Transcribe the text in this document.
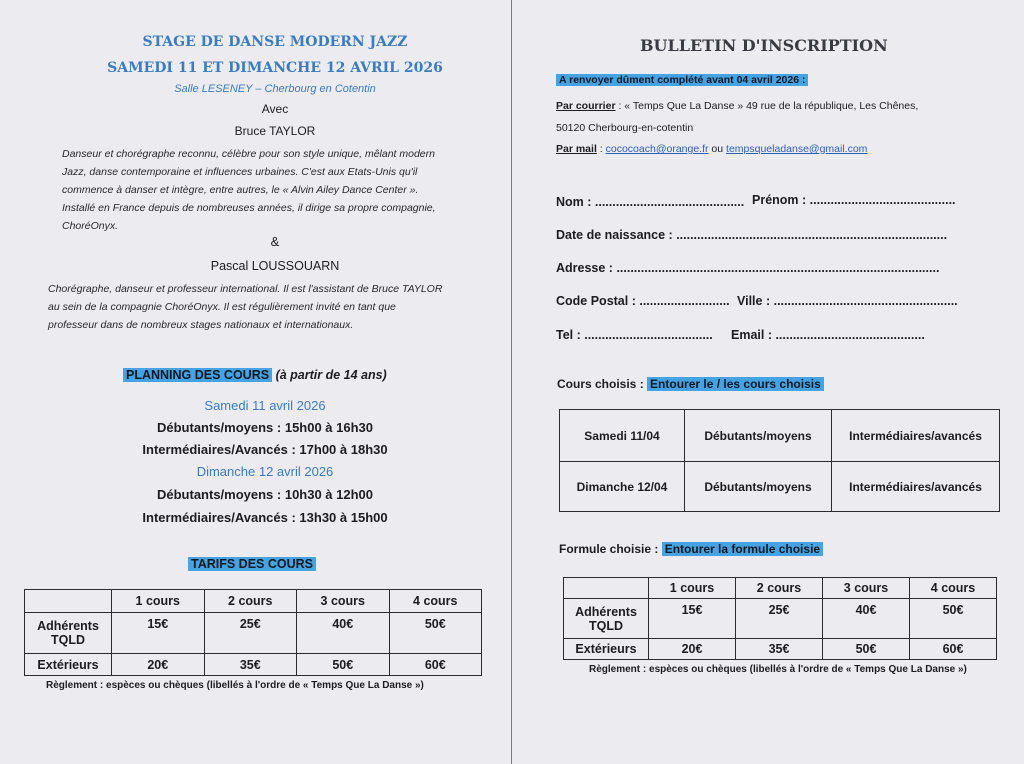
STAGE DE DANSE MODERN JAZZ
SAMEDI 11 ET DIMANCHE 12 AVRIL 2026
Salle LESENEY – Cherbourg en Cotentin
Avec
Bruce TAYLOR
Danseur et chorégraphe reconnu, célèbre pour son style unique, mêlant modern
Jazz, danse contemporaine et influences urbaines. C'est aux Etats-Unis qu'il
commence à danser et intègre, entre autres, le « Alvin Ailey Dance Center ».
Installé en France depuis de nombreuses années, il dirige sa propre compagnie,
ChoréOnyx.
&
Pascal LOUSSOUARN
Chorégraphe, danseur et professeur international. Il est l'assistant de Bruce TAYLOR
au sein de la compagnie ChoréOnyx. Il est régulièrement invité en tant que
professeur dans de nombreux stages nationaux et internationaux.
PLANNING DES COURS (à partir de 14 ans)
Samedi 11 avril 2026
Débutants/moyens : 15h00 à 16h30
Intermédiaires/Avancés : 17h00 à 18h30
Dimanche 12 avril 2026
Débutants/moyens : 10h30 à 12h00
Intermédiaires/Avancés : 13h30 à 15h00
TARIFS DES COURS
	1 cours	2 cours	3 cours	4 cours
Adhérents TQLD	15€	25€	40€	50€
Extérieurs	20€	35€	50€	60€
Règlement : espèces ou chèques (libellés à l'ordre de « Temps Que La Danse »)
BULLETIN D'INSCRIPTION
A renvoyer dûment complété avant 04 avril 2026 :
Par courrier : « Temps Que La Danse » 49 rue de la république, Les Chênes,
50120 Cherbourg-en-cotentin
Par mail : cococoach@orange.fr ou tempsqueladanse@gmail.com
Nom : ........................................... Prénom : ..........................................
Date de naissance : ..............................................................................
Adresse : .............................................................................................
Code Postal : .......................... Ville : .....................................................
Tel : ..................................... Email : ...........................................
Cours choisis : Entourer le / les cours choisis
Samedi 11/04	Débutants/moyens	Intermédiaires/avancés
Dimanche 12/04	Débutants/moyens	Intermédiaires/avancés
Formule choisie : Entourer la formule choisie
	1 cours	2 cours	3 cours	4 cours
Adhérents TQLD	15€	25€	40€	50€
Extérieurs	20€	35€	50€	60€
Règlement : espèces ou chèques (libellés à l'ordre de « Temps Que La Danse »)
